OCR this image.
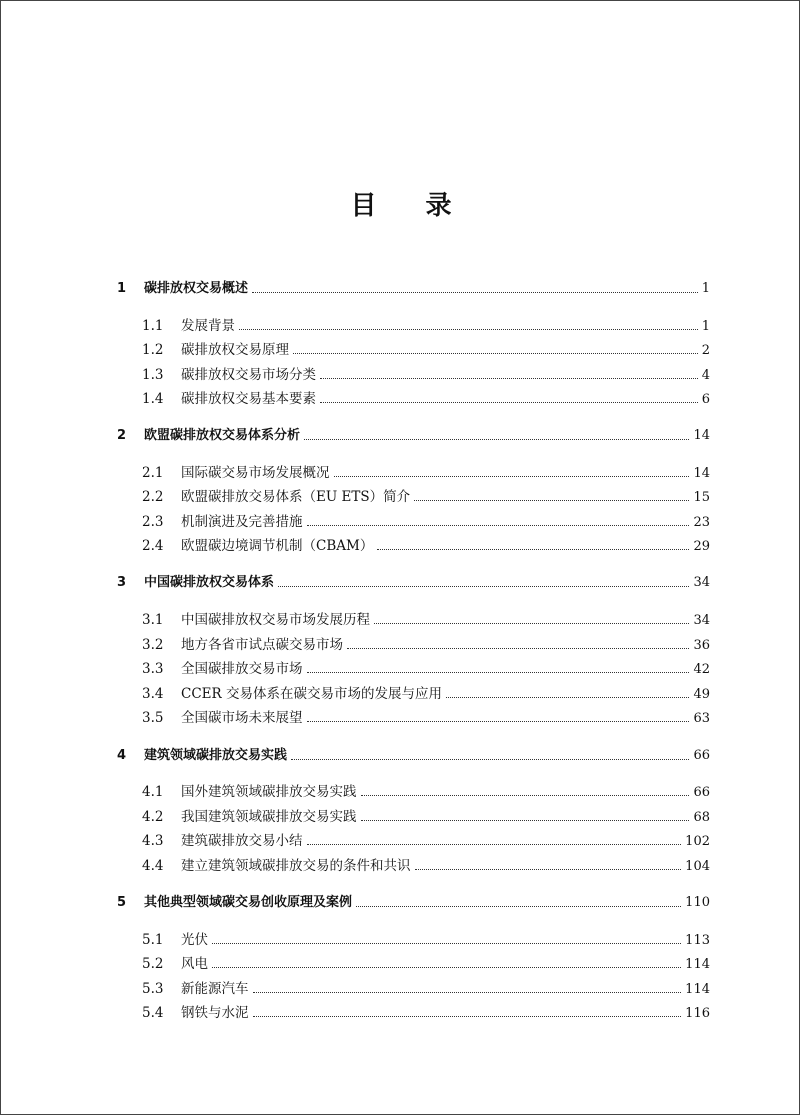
目 录
1	碳排放权交易概述	1
1.1	发展背景	1
1.2	碳排放权交易原理	2
1.3	碳排放权交易市场分类	4
1.4	碳排放权交易基本要素	6
2	欧盟碳排放权交易体系分析	14
2.1	国际碳交易市场发展概况	14
2.2	欧盟碳排放交易体系（EU ETS）简介	15
2.3	机制演进及完善措施	23
2.4	欧盟碳边境调节机制（CBAM）	29
3	中国碳排放权交易体系	34
3.1	中国碳排放权交易市场发展历程	34
3.2	地方各省市试点碳交易市场	36
3.3	全国碳排放交易市场	42
3.4	CCER 交易体系在碳交易市场的发展与应用	49
3.5	全国碳市场未来展望	63
4	建筑领域碳排放交易实践	66
4.1	国外建筑领域碳排放交易实践	66
4.2	我国建筑领域碳排放交易实践	68
4.3	建筑碳排放交易小结	102
4.4	建立建筑领域碳排放交易的条件和共识	104
5	其他典型领域碳交易创收原理及案例	110
5.1	光伏	113
5.2	风电	114
5.3	新能源汽车	114
5.4	钢铁与水泥	116
